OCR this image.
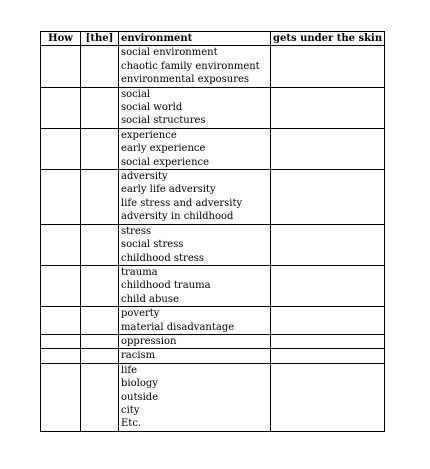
How	[the]	environment	gets under the skin

		social environment
chaotic family environment
environmental exposures	

		social
social world
social structures	

		experience
early experience
social experience	

		adversity
early life adversity
life stress and adversity
adversity in childhood	

		stress
social stress
childhood stress	

		trauma
childhood trauma
child abuse	

		poverty
material disadvantage	

		oppression	

		racism	

		life
biology
outside
city
Etc.	
